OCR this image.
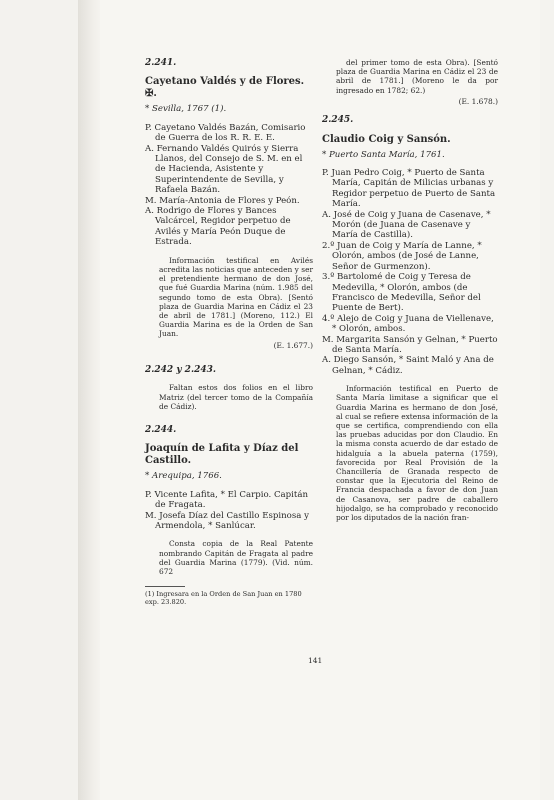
2.241.

Cayetano Valdés y de Flores. ✠.

* Sevilla, 1767 (1).

P. Cayetano Valdés Bazán, Comisario de Guerra de los R. R. E. E.

A. Fernando Valdés Quirós y Sierra Llanos, del Consejo de S. M. en el de Hacienda, Asistente y Superintendente de Sevilla, y Rafaela Bazán.

M. María-Antonia de Flores y Peón.

A. Rodrigo de Flores y Bances Valcárcel, Regidor perpetuo de Avilés y María Peón Duque de Estrada.

Información testifical en Avilés acredita las noticias que anteceden y ser el pretendiente hermano de don José, que fué Guardia Marina (núm. 1.985 del segundo tomo de esta Obra). [Sentó plaza de Guardia Marina en Cádiz el 23 de abril de 1781.] (Moreno, 112.) El Guardia Marina es de la Orden de San Juan.

(E. 1.677.)

2.242 y 2.243.

Faltan estos dos folios en el libro Matriz (del tercer tomo de la Compañía de Cádiz).

2.244.

Joaquín de Lafita y Díaz del Castillo.

* Arequipa, 1766.

P. Vicente Lafita, * El Carpio. Capitán de Fragata.

M. Josefa Díaz del Castillo Espinosa y Armendola, * Sanlúcar.

Consta copia de la Real Patente nombrando Capitán de Fragata al padre del Guardia Marina (1779). (Vid. núm. 672

(1) Ingresara en la Orden de San Juan en 1780 exp. 23.820.

del primer tomo de esta Obra). [Sentó plaza de Guardia Marina en Cádiz el 23 de abril de 1781.] (Moreno le da por ingresado en 1782; 62.)

(E. 1.678.)

2.245.

Claudio Coig y Sansón.

* Puerto Santa María, 1761.

P. Juan Pedro Coig, * Puerto de Santa María, Capitán de Milicias urbanas y Regidor perpetuo de Puerto de Santa María.

A. José de Coig y Juana de Casenave, * Morón (de Juana de Casenave y María de Castilla).

2.º Juan de Coig y María de Lanne, * Olorón, ambos (de José de Lanne, Señor de Gurmenzon).

3.º Bartolomé de Coig y Teresa de Medevilla, * Olorón, ambos (de Francisco de Medevilla, Señor del Puente de Bert).

4.º Alejo de Coig y Juana de Viellenave, * Olorón, ambos.

M. Margarita Sansón y Gelnan, * Puerto de Santa María.

A. Diego Sansón, * Saint Maló y Ana de Gelnan, * Cádiz.

Información testifical en Puerto de Santa María limitase a significar que el Guardia Marina es hermano de don José, al cual se refiere extensa información de la que se certifica, comprendiendo con ella las pruebas aducidas por don Claudio. En la misma consta acuerdo de dar estado de hidalguía a la abuela paterna (1759), favorecida por Real Provisión de la Chancillería de Granada respecto de constar que la Ejecutoria del Reino de Francia despachada a favor de don Juan de Casanova, ser padre de caballero hijodalgo, se ha comprobado y reconocido por los diputados de la nación fran-

141
